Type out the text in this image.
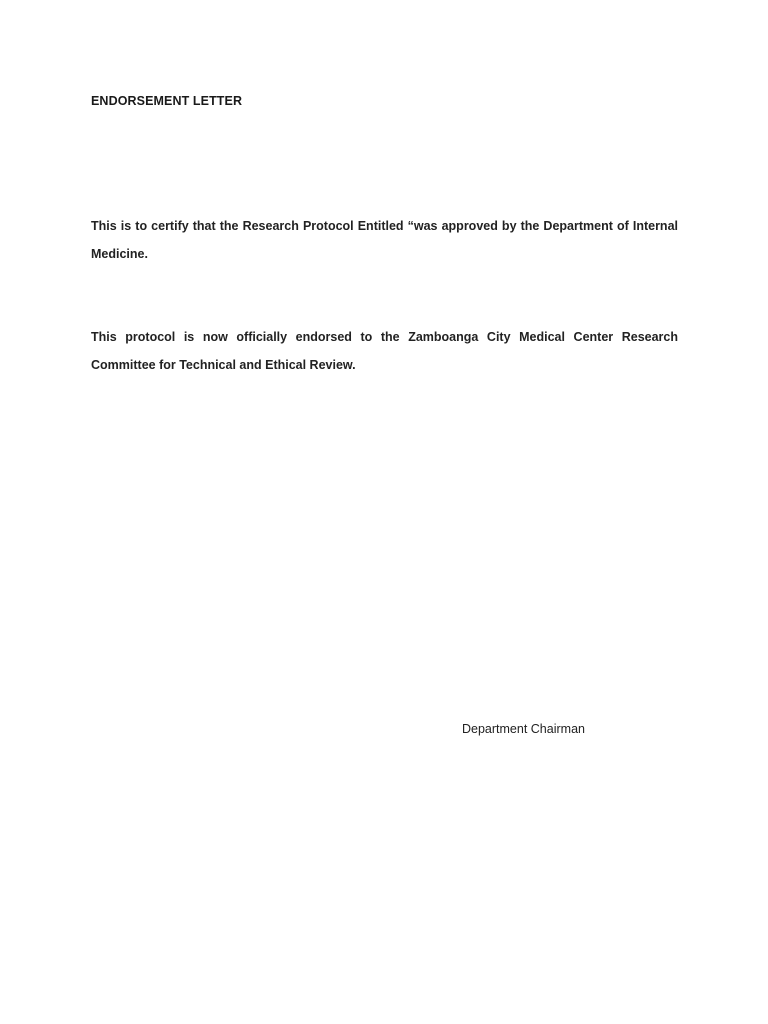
ENDORSEMENT LETTER
This is to certify that the Research Protocol Entitled “was approved by the Department of Internal Medicine.
This protocol is now officially endorsed to the Zamboanga City Medical Center Research Committee for Technical and Ethical Review.
Department Chairman
